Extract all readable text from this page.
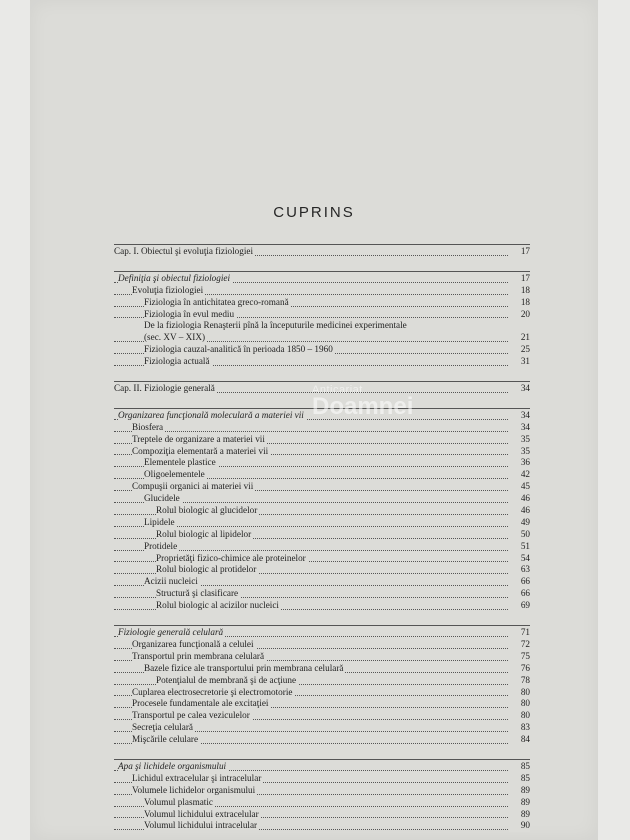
CUPRINS
Cap. I. Obiectul şi evoluţia fiziologiei	17
Definiţia şi obiectul fiziologiei	17
Evoluţia fiziologiei	18
Fiziologia în antichitatea greco-romană	18
Fiziologia în evul mediu	20
De la fiziologia Renaşterii pînă la începuturile medicinei experimentale
(sec. XV – XIX)	21
Fiziologia cauzal-analitică în perioada 1850 – 1960	25
Fiziologia actuală	31
Cap. II. Fiziologie generală	34
Organizarea funcţională moleculară a materiei vii	34
Biosfera	34
Treptele de organizare a materiei vii	35
Compoziţia elementară a materiei vii	35
Elementele plastice	36
Oligoelementele	42
Compuşii organici ai materiei vii	45
Glucidele	46
Rolul biologic al glucidelor	46
Lipidele	49
Rolul biologic al lipidelor	50
Protidele	51
Proprietăţi fizico-chimice ale proteinelor	54
Rolul biologic al protidelor	63
Acizii nucleici	66
Structură şi clasificare	66
Rolul biologic al acizilor nucleici	69
Fiziologie generală celulară	71
Organizarea funcţională a celulei	72
Transportul prin membrana celulară	75
Bazele fizice ale transportului prin membrana celulară	76
Potenţialul de membrană şi de acţiune	78
Cuplarea electrosecretorie şi electromotorie	80
Procesele fundamentale ale excitaţiei	80
Transportul pe calea veziculelor	80
Secreţia celulară	83
Mişcările celulare	84
Apa şi lichidele organismului	85
Lichidul extracelular şi intracelular	85
Volumele lichidelor organismului	89
Volumul plasmatic	89
Volumul lichidului extracelular	89
Volumul lichidului intracelular	90
Anticariat
Doamnei
